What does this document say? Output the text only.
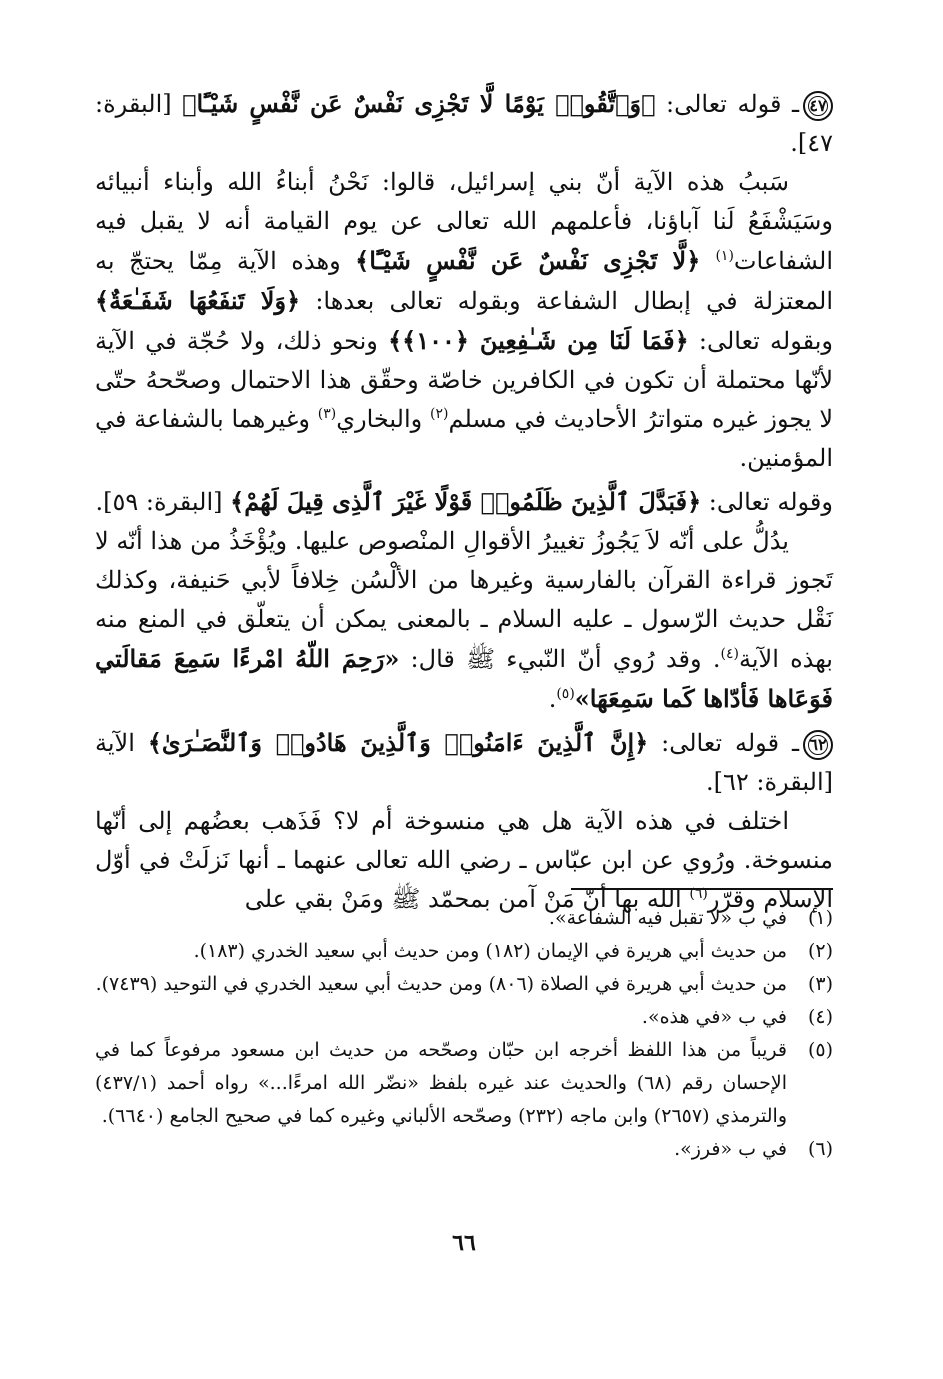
٤٧ـ قوله تعالى: ﴿وَٱتَّقُوا۟ يَوْمًا لَّا تَجْزِى نَفْسٌ عَن نَّفْسٍ شَيْـًٔا﴾ [البقرة: ٤٧].

سَببُ هذه الآية أنّ بني إسرائيل، قالوا: نَحْنُ أبناءُ الله وأبناء أنبيائه وسَيَشْفَعُ لَنا آباؤنا، فأعلمهم الله تعالى عن يوم القيامة أنه لا يقبل فيه الشفاعات$^{(١)}$ ﴿لَّا تَجْزِى نَفْسٌ عَن نَّفْسٍ شَيْـًٔا﴾ وهذه الآية مِمّا يحتجّ به المعتزلة في إبطال الشفاعة وبقوله تعالى بعدها: ﴿وَلَا تَنفَعُهَا شَفَـٰعَةٌ﴾ وبقوله تعالى: ﴿فَمَا لَنَا مِن شَـٰفِعِينَ ﴿١٠٠﴾﴾ ونحو ذلك، ولا حُجّة في الآية لأنّها محتملة أن تكون في الكافرين خاصّة وحقّق هذا الاحتمال وصحّحهُ حتّى لا يجوز غيره متواترُ الأحاديث في مسلم$^{(٢)}$ والبخاري$^{(٣)}$ وغيرهما بالشفاعة في المؤمنين.

وقوله تعالى: ﴿فَبَدَّلَ ٱلَّذِينَ ظَلَمُوا۟ قَوْلًا غَيْرَ ٱلَّذِى قِيلَ لَهُمْ﴾ [البقرة: ٥٩].

يدُلُّ على أنّه لاَ يَجُوزُ تغييرُ الأقوالِ المنْصوص عليها. ويُؤْخَذُ من هذا أنّه لا تَجوز قراءة القرآن بالفارسية وغيرها من الألْسُن خِلافاً لأبي حَنيفة، وكذلك نَقْل حديث الرّسول ـ عليه السلام ـ بالمعنى يمكن أن يتعلّق في المنع منه بهذه الآية$^{(٤)}$. وقد رُوي أنّ النّبيء ﷺ قال: «رَحِمَ اللّهُ امْرءًا سَمِعَ مَقالَتي فَوَعَاها فَأدّاها كَما سَمِعَهَا»$^{(٥)}$.

٦٢ـ قوله تعالى: ﴿إِنَّ ٱلَّذِينَ ءَامَنُوا۟ وَٱلَّذِينَ هَادُوا۟ وَٱلنَّصَـٰرَىٰ﴾ الآية [البقرة: ٦٢].

اختلف في هذه الآية هل هي منسوخة أم لا؟ فَذَهب بعضُهم إلى أنّها منسوخة. ورُوي عن ابن عبّاس ـ رضي الله تعالى عنهما ـ أنها نَزلَتْ في أوّل الإسلام وقرّر$^{(٦)}$ الله بها أنّ مَنْ آمن بمحمّد ﷺ ومَنْ بقي على

(١)
في ب «لا تقبل فيه الشفاعة».
(٢)
من حديث أبي هريرة في الإيمان (١٨٢) ومن حديث أبي سعيد الخدري (١٨٣).
(٣)
من حديث أبي هريرة في الصلاة (٨٠٦) ومن حديث أبي سعيد الخدري في التوحيد (٧٤٣٩).
(٤)
في ب «في هذه».
(٥)
قريباً من هذا اللفظ أخرجه ابن حبّان وصحّحه من حديث ابن مسعود مرفوعاً كما في الإحسان رقم (٦٨) والحديث عند غيره بلفظ «نضّر الله امرءًا...» رواه أحمد (٤٣٧/١) والترمذي (٢٦٥٧) وابن ماجه (٢٣٢) وصحّحه الألباني وغيره كما في صحيح الجامع (٦٦٤٠).
(٦)
في ب «فرز».
٦٦
